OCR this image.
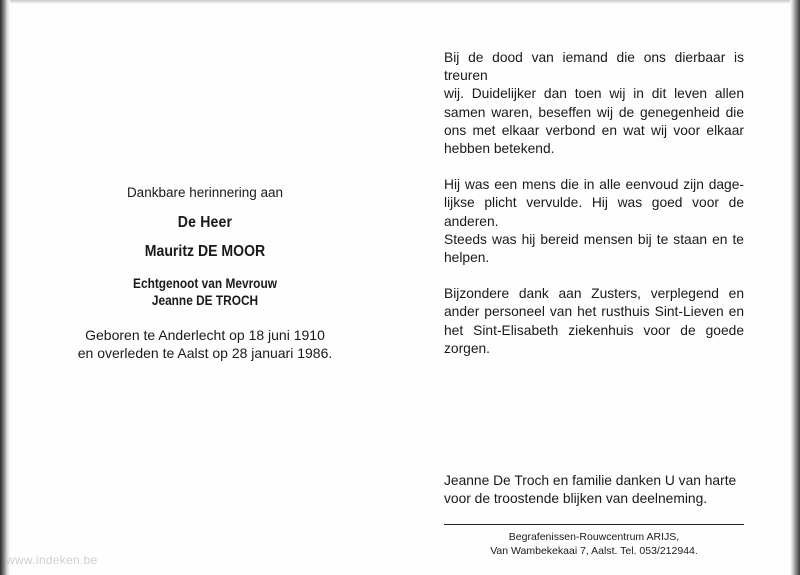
Dankbare herinnering aan
De Heer
Mauritz DE MOOR
Echtgenoot van Mevrouw
Jeanne DE TROCH
Geboren te Anderlecht op 18 juni 1910
en overleden te Aalst op 28 januari 1986.

Bij de dood van iemand die ons dierbaar is treuren
wij. Duidelijker dan toen wij in dit leven allen
samen waren, beseffen wij de genegenheid die
ons met elkaar verbond en wat wij voor elkaar
hebben betekend.

Hij was een mens die in alle eenvoud zijn dage-
lijkse plicht vervulde. Hij was goed voor de anderen.
Steeds was hij bereid mensen bij te staan en te
helpen.

Bijzondere dank aan Zusters, verplegend en
ander personeel van het rusthuis Sint-Lieven en
het Sint-Elisabeth ziekenhuis voor de goede
zorgen.

Jeanne De Troch en familie danken U van harte
voor de troostende blijken van deelneming.
Begrafenissen-Rouwcentrum ARIJS,
Van Wambekekaai 7, Aalst. Tel. 053/212944.
www.indeken.be
